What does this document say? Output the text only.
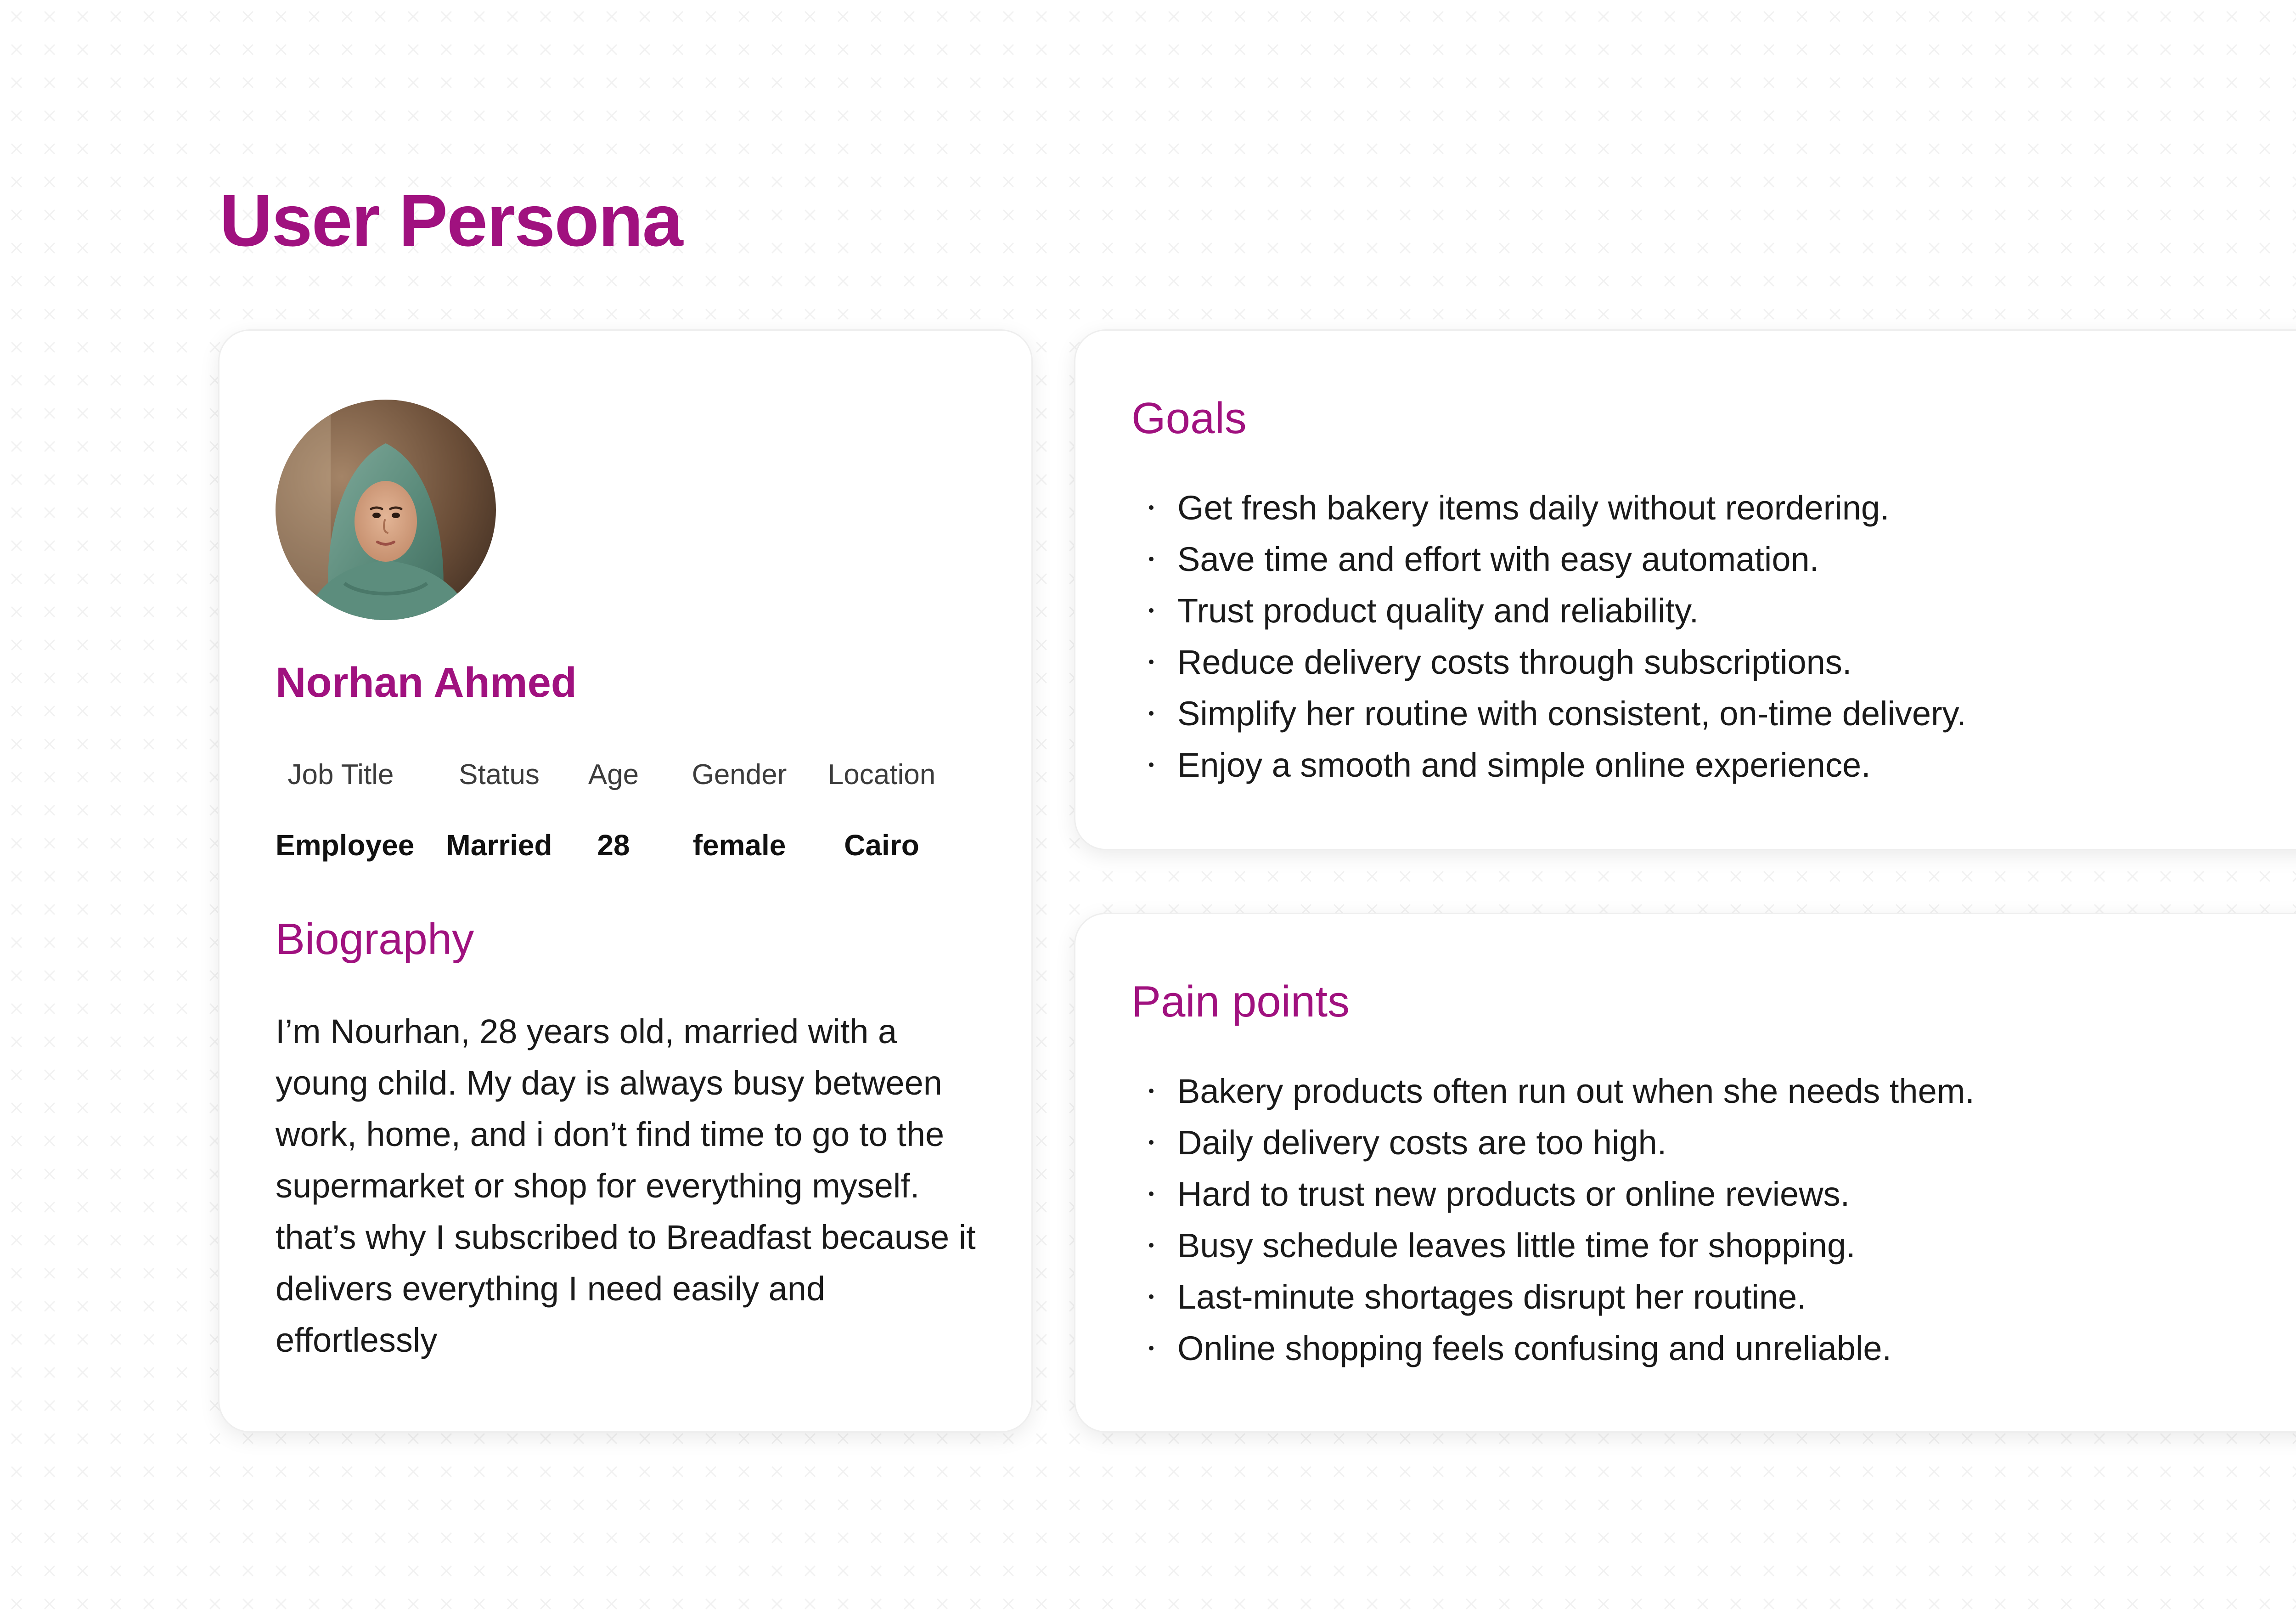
User Persona
Norhan Ahmed
Job Title
Employee
Status
Married
Age
28
Gender
female
Location
Cairo
Biography

I’m Nourhan, 28 years old, married with a young child. My day is always busy between work, home, and i don’t find time to go to the supermarket or shop for everything myself. that’s why I subscribed to Breadfast because it delivers everything I need easily and effortlessly

Goals
Get fresh bakery items daily without reordering.
Save time and effort with easy automation.
Trust product quality and reliability.
Reduce delivery costs through subscriptions.
Simplify her routine with consistent, on-time delivery.
Enjoy a smooth and simple online experience.
Pain points
Bakery products often run out when she needs them.
Daily delivery costs are too high.
Hard to trust new products or online reviews.
Busy schedule leaves little time for shopping.
Last-minute shortages disrupt her routine.
Online shopping feels confusing and unreliable.
